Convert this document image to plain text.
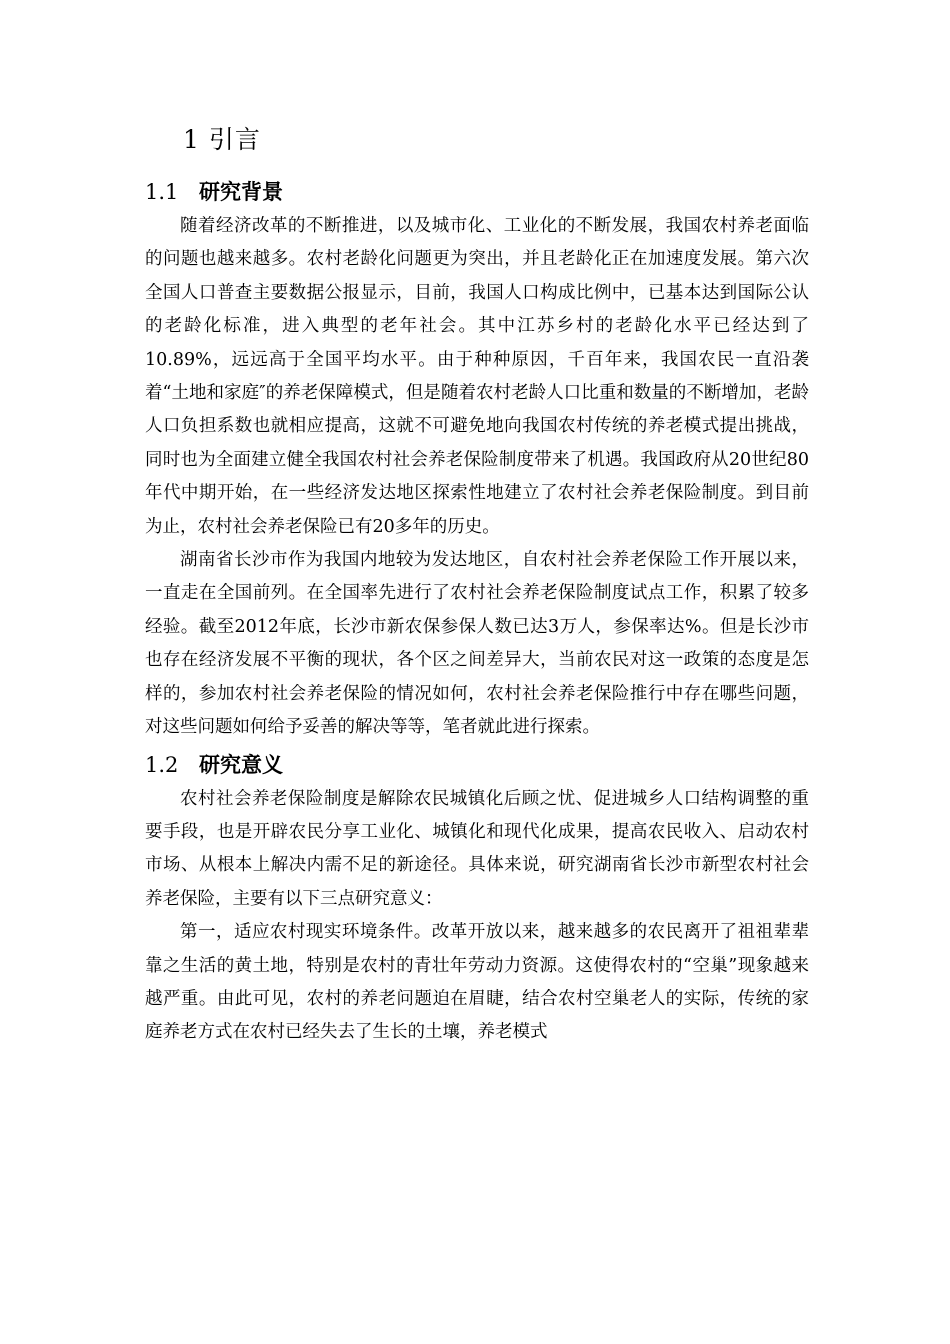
1 引言
1.1 研究背景

随着经济改革的不断推进，以及城市化、工业化的不断发展，我国农村养老面临的问题也越来越多。农村老龄化问题更为突出，并且老龄化正在加速度发展。第六次全国人口普查主要数据公报显示，目前，我国人口构成比例中，已基本达到国际公认的老龄化标准，进入典型的老年社会。其中江苏乡村的老龄化水平已经达到了10.89%，远远高于全国平均水平。由于种种原因，千百年来，我国农民一直沿袭着“土地和家庭″的养老保障模式，但是随着农村老龄人口比重和数量的不断增加，老龄人口负担系数也就相应提高，这就不可避免地向我国农村传统的养老模式提出挑战，同时也为全面建立健全我国农村社会养老保险制度带来了机遇。我国政府从20世纪80年代中期开始，在一些经济发达地区探索性地建立了农村社会养老保险制度。到目前为止，农村社会养老保险已有20多年的历史。

湖南省长沙市作为我国内地较为发达地区，自农村社会养老保险工作开展以来，一直走在全国前列。在全国率先进行了农村社会养老保险制度试点工作，积累了较多经验。截至2012年底，长沙市新农保参保人数已达3万人，参保率达%。但是长沙市也存在经济发展不平衡的现状，各个区之间差异大，当前农民对这一政策的态度是怎样的，参加农村社会养老保险的情况如何，农村社会养老保险推行中存在哪些问题，对这些问题如何给予妥善的解决等等，笔者就此进行探索。

1.2 研究意义

农村社会养老保险制度是解除农民城镇化后顾之忧、促进城乡人口结构调整的重要手段，也是开辟农民分享工业化、城镇化和现代化成果，提高农民收入、启动农村市场、从根本上解决内需不足的新途径。具体来说，研究湖南省长沙市新型农村社会养老保险，主要有以下三点研究意义：

第一，适应农村现实环境条件。改革开放以来，越来越多的农民离开了祖祖辈辈靠之生活的黄土地，特别是农村的青壮年劳动力资源。这使得农村的“空巢”现象越来越严重。由此可见，农村的养老问题迫在眉睫，结合农村空巢老人的实际，传统的家庭养老方式在农村已经失去了生长的土壤，养老模式
